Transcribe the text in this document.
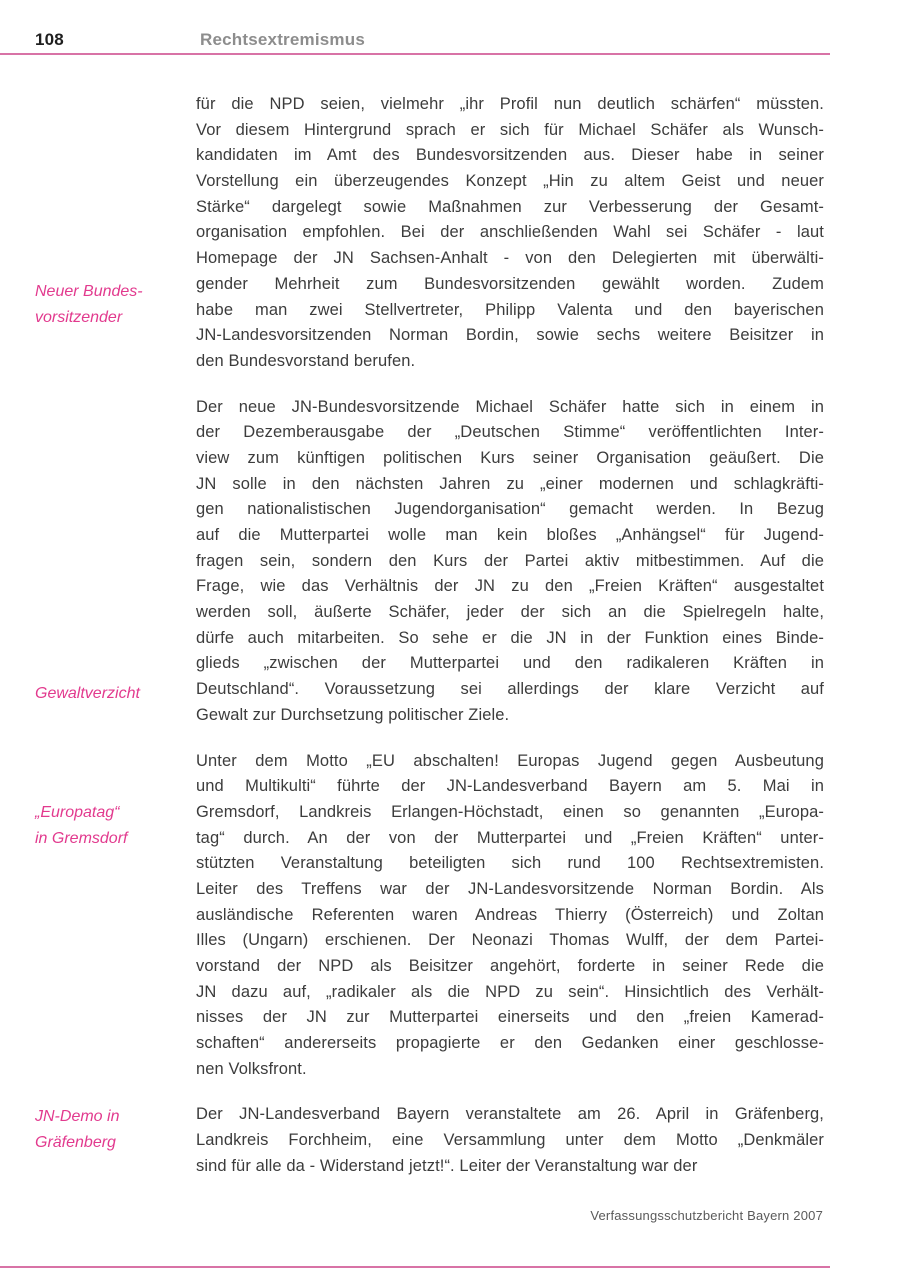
108	Rechtsextremismus
für die NPD seien, vielmehr „ihr Profil nun deutlich schärfen“ müssten.
Vor diesem Hintergrund sprach er sich für Michael Schäfer als Wunsch-
kandidaten im Amt des Bundesvorsitzenden aus. Dieser habe in seiner
Vorstellung ein überzeugendes Konzept „Hin zu altem Geist und neuer
Stärke“ dargelegt sowie Maßnahmen zur Verbesserung der Gesamt-
organisation empfohlen. Bei der anschließenden Wahl sei Schäfer - laut
Homepage der JN Sachsen-Anhalt - von den Delegierten mit überwälti-
gender Mehrheit zum Bundesvorsitzenden gewählt worden. Zudem
habe man zwei Stellvertreter, Philipp Valenta und den bayerischen
JN-Landesvorsitzenden Norman Bordin, sowie sechs weitere Beisitzer in
den Bundesvorstand berufen.
Der neue JN-Bundesvorsitzende Michael Schäfer hatte sich in einem in
der Dezemberausgabe der „Deutschen Stimme“ veröffentlichten Inter-
view zum künftigen politischen Kurs seiner Organisation geäußert. Die
JN solle in den nächsten Jahren zu „einer modernen und schlagkräfti-
gen nationalistischen Jugendorganisation“ gemacht werden. In Bezug
auf die Mutterpartei wolle man kein bloßes „Anhängsel“ für Jugend-
fragen sein, sondern den Kurs der Partei aktiv mitbestimmen. Auf die
Frage, wie das Verhältnis der JN zu den „Freien Kräften“ ausgestaltet
werden soll, äußerte Schäfer, jeder der sich an die Spielregeln halte,
dürfe auch mitarbeiten. So sehe er die JN in der Funktion eines Binde-
glieds „zwischen der Mutterpartei und den radikaleren Kräften in
Deutschland“. Voraussetzung sei allerdings der klare Verzicht auf
Gewalt zur Durchsetzung politischer Ziele.
Unter dem Motto „EU abschalten! Europas Jugend gegen Ausbeutung
und Multikulti“ führte der JN-Landesverband Bayern am 5. Mai in
Gremsdorf, Landkreis Erlangen-Höchstadt, einen so genannten „Europa-
tag“ durch. An der von der Mutterpartei und „Freien Kräften“ unter-
stützten Veranstaltung beteiligten sich rund 100 Rechtsextremisten.
Leiter des Treffens war der JN-Landesvorsitzende Norman Bordin. Als
ausländische Referenten waren Andreas Thierry (Österreich) und Zoltan
Illes (Ungarn) erschienen. Der Neonazi Thomas Wulff, der dem Partei-
vorstand der NPD als Beisitzer angehört, forderte in seiner Rede die
JN dazu auf, „radikaler als die NPD zu sein“. Hinsichtlich des Verhält-
nisses der JN zur Mutterpartei einerseits und den „freien Kamerad-
schaften“ andererseits propagierte er den Gedanken einer geschlosse-
nen Volksfront.
Der JN-Landesverband Bayern veranstaltete am 26. April in Gräfenberg,
Landkreis Forchheim, eine Versammlung unter dem Motto „Denkmäler
sind für alle da - Widerstand jetzt!“. Leiter der Veranstaltung war der
Neuer Bundes-
vorsitzender
Gewaltverzicht
„Europatag“
in Gremsdorf
JN-Demo in
Gräfenberg
Verfassungsschutzbericht Bayern 2007
